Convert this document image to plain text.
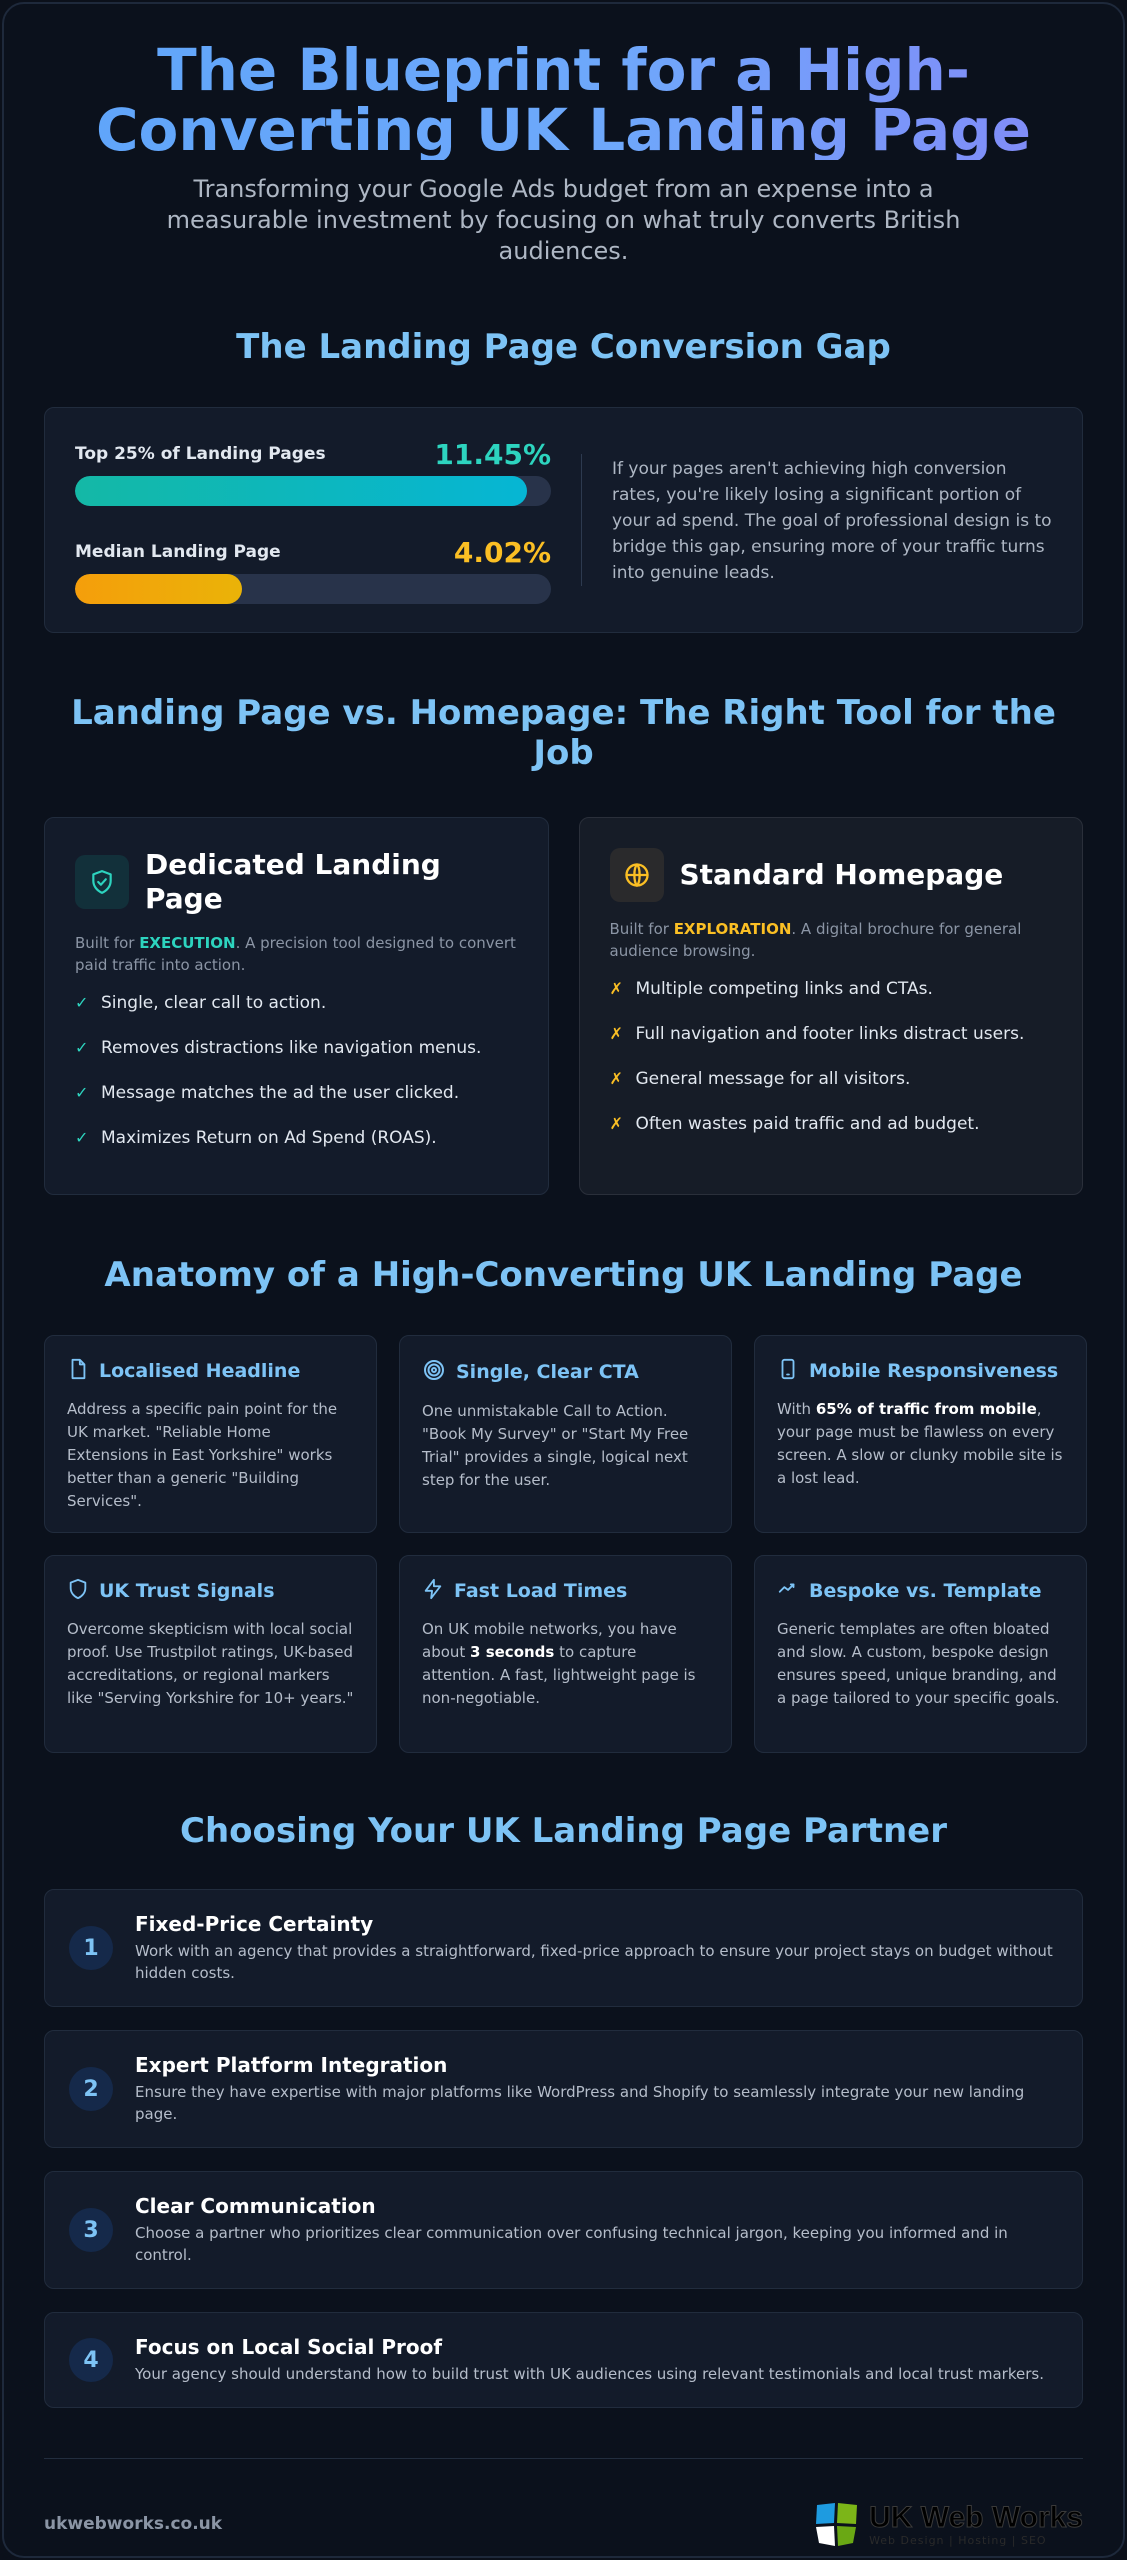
The Blueprint for a High-Converting UK Landing Page

Transforming your Google Ads budget from an expense into a measurable investment by focusing on what truly converts British audiences.

The Landing Page Conversion Gap
Top 25% of Landing Pages	11.45%
Median Landing Page	4.02%

If your pages aren't achieving high conversion rates, you're likely losing a significant portion of your ad spend. The goal of professional design is to bridge this gap, ensuring more of your traffic turns into genuine leads.

Landing Page vs. Homepage: The Right Tool for the Job
Dedicated Landing Page

Built for EXECUTION. A precision tool designed to convert paid traffic into action.

✓ Single, clear call to action.
✓ Removes distractions like navigation menus.
✓ Message matches the ad the user clicked.
✓ Maximizes Return on Ad Spend (ROAS).
Standard Homepage

Built for EXPLORATION. A digital brochure for general audience browsing.

✗ Multiple competing links and CTAs.
✗ Full navigation and footer links distract users.
✗ General message for all visitors.
✗ Often wastes paid traffic and ad budget.
Anatomy of a High-Converting UK Landing Page
Localised Headline

Address a specific pain point for the UK market. "Reliable Home Extensions in East Yorkshire" works better than a generic "Building Services".

Single, Clear CTA

One unmistakable Call to Action. "Book My Survey" or "Start My Free Trial" provides a single, logical next step for the user.

Mobile Responsiveness

With 65% of traffic from mobile, your page must be flawless on every screen. A slow or clunky mobile site is a lost lead.

UK Trust Signals

Overcome skepticism with local social proof. Use Trustpilot ratings, UK-based accreditations, or regional markers like "Serving Yorkshire for 10+ years."

Fast Load Times

On UK mobile networks, you have about 3 seconds to capture attention. A fast, lightweight page is non-negotiable.

Bespoke vs. Template

Generic templates are often bloated and slow. A custom, bespoke design ensures speed, unique branding, and a page tailored to your specific goals.

Choosing Your UK Landing Page Partner
1
Fixed-Price Certainty
Work with an agency that provides a straightforward, fixed-price approach to ensure your project stays on budget without hidden costs.
2
Expert Platform Integration
Ensure they have expertise with major platforms like WordPress and Shopify to seamlessly integrate your new landing page.
3
Clear Communication
Choose a partner who prioritizes clear communication over confusing technical jargon, keeping you informed and in control.
4
Focus on Local Social Proof
Your agency should understand how to build trust with UK audiences using relevant testimonials and local trust markers.
ukwebworks.co.uk	UK Web Works
Web Design | Hosting | SEO
